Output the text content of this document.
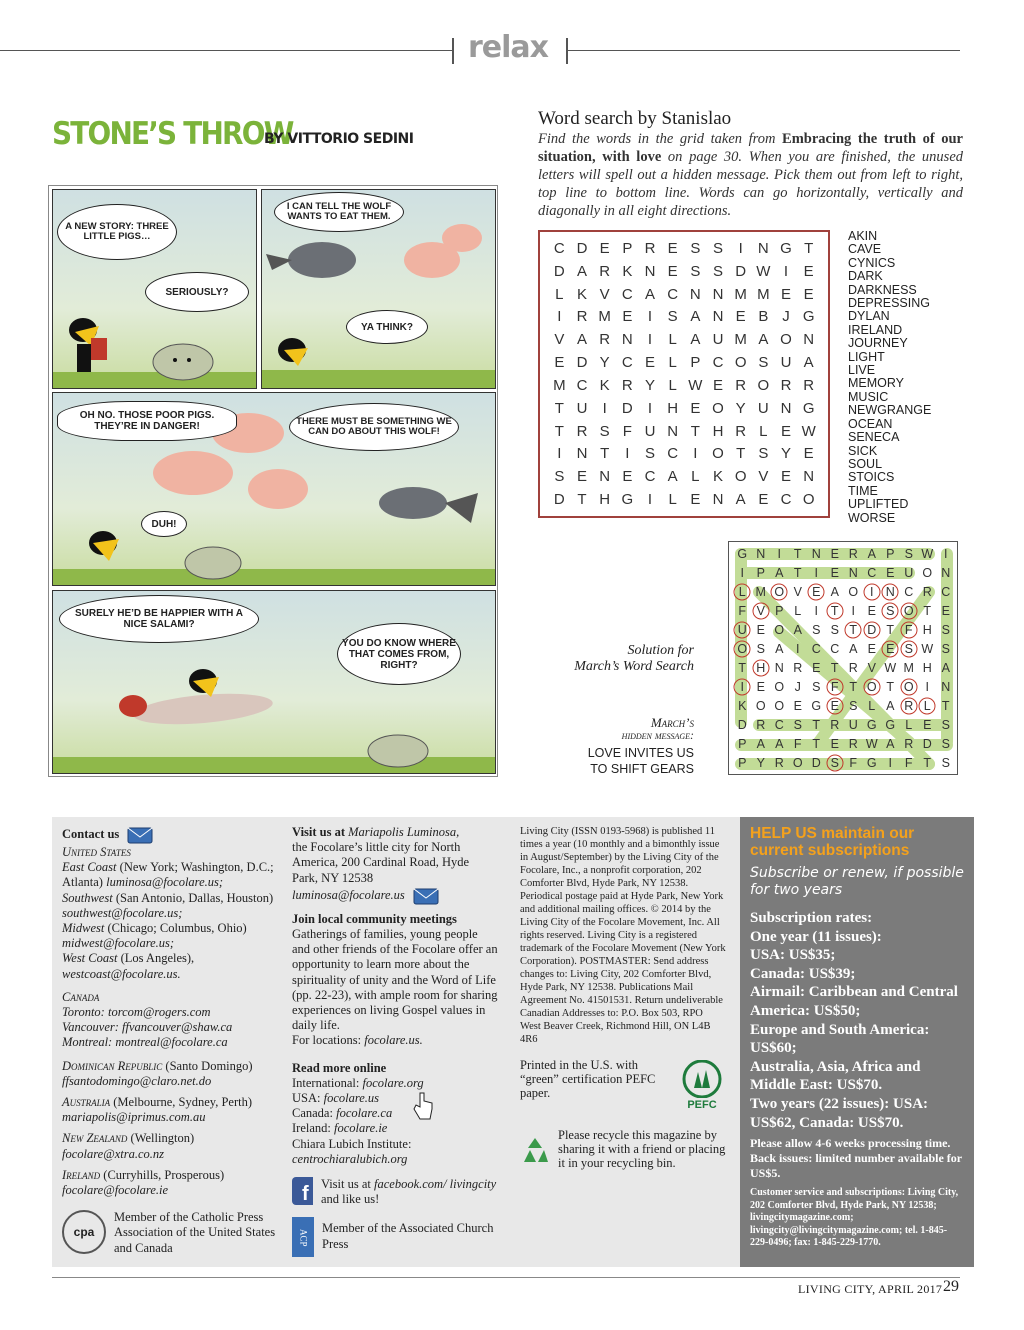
relax
STONE’S THROW
BY VITTORIO SEDINI
A NEW STORY: THREE LITTLE PIGS…
SERIOUSLY?
I CAN TELL THE WOLF WANTS TO EAT THEM.
YA THINK?
OH NO. THOSE POOR PIGS. THEY’RE IN DANGER!	THERE MUST BE SOMETHING WE CAN DO ABOUT THIS WOLF!
DUH!
SURELY HE’D BE HAPPIER WITH A NICE SALAMI?
YOU DO KNOW WHERE THAT COMES FROM, RIGHT?
Word search by Stanislao
Find the words in the grid taken from Embracing the truth of our situation, with love on page 30. When you are finished, the unused letters will spell out a hidden message. Pick them out from left to right, top line to bottom line. Words can go horizontally, vertically and diagonally in all eight directions.
C D E P R E S S	I	N G T
D A R K N E S S D W I	E
L K V C A C N N M M E E
I	R M E	I	S A N E B J G
V A R N	I	L A U M A O N
E D Y C E L P C O S U A
M C K R Y L W E R O R R
T U	I	D	I	H E O Y U N G
T R S F U N T H R L E W
I	N T	I	S C	I O T S Y E
S E N E C A L K O V E N
D T H G I	L E N A E C O
AKIN
CAVE
CYNICS
DARK
DARKNESS
DEPRESSING
DYLAN
IRELAND
JOURNEY
LIGHT
LIVE
MEMORY
MUSIC
NEWGRANGE
OCEAN
SENECA
SICK
SOUL
STOICS
TIME
UPLIFTED
WORSE
Solution for
March’s Word Search
March’s
hidden message:
LOVE INVITES US
TO SHIFT GEARS
G N I	T N E R A P S W I
I	P A T	I	E N C E U O N
L M O V E A O I N C R C
F V P L	I	T	I	E S O T E
U E O A S S T D T F H S
O S A	I C C A E E S W S
T H N R E T R V W M H A
I	E O J S F T O T O I N
K O O E G E S L A R L T
D R C S T R U G G L E S
P A A F T E R W A R D S
P Y R O D S F G I	F T S
Contact us
United States
East Coast (New York; Washington, D.C.; Atlanta) luminosa@focolare.us;
Southwest (San Antonio, Dallas, Houston) southwest@focolare.us;
Midwest (Chicago; Columbus, Ohio)
midwest@focolare.us;
West Coast (Los Angeles),
westcoast@focolare.us.
Canada
Toronto: torcom@rogers.com
Vancouver: ffvancouver@shaw.ca
Montreal: montreal@focolare.ca
Dominican Republic (Santo Domingo)
ffsantodomingo@claro.net.do
Australia (Melbourne, Sydney, Perth)
mariapolis@iprimus.com.au
New Zealand (Wellington)
focolare@xtra.co.nz
Ireland (Curryhills, Prosperous)
focolare@focolare.ie
cpa
Member of the Catholic Press Association of the United States and Canada
Visit us at Mariapolis Luminosa,
the Focolare’s little city for North America, 200 Cardinal Road, Hyde Park, NY 12538
luminosa@focolare.us
Join local community meetings
Gatherings of families, young people and other friends of the Focolare offer an opportunity to learn more about the spirituality of unity and the Word of Life (pp. 22-23), with ample room for sharing experiences on living Gospel values in daily life.
For locations: focolare.us.
Read more online
International: focolare.org
USA: focolare.us
Canada: focolare.ca
Ireland: focolare.ie
Chiara Lubich Institute:
centrochiaralubich.org
f Visit us at facebook.com/ livingcity and like us!
ACP
Member of the Associated Church Press
Living City (ISSN 0193-5968) is published 11 times a year (10 monthly and a bimonthly issue in August/September) by the Living City of the Focolare, Inc., a nonprofit corporation, 202 Comforter Blvd, Hyde Park, NY 12538. Periodical postage paid at Hyde Park, New York and additional mailing offices. © 2014 by the Living City of the Focolare Movement, Inc. All rights reserved. Living City is a registered trademark of the Focolare Movement (New York Corporation). POSTMASTER: Send address changes to: Living City, 202 Comforter Blvd, Hyde Park, NY 12538. Publications Mail Agreement No. 41501531. Return undeliverable Canadian Addresses to: P.O. Box 503, RPO West Beaver Creek, Richmond Hill, ON L4B 4R6
Printed in the U.S. with “green” certification PEFC paper.
PEFC
Please recycle this magazine by sharing it with a friend or placing it in your recycling bin.
HELP US maintain our current subscriptions
Subscribe or renew, if possible for two years
Subscription rates:
One year (11 issues):
USA: US$35;
Canada: US$39;
Airmail: Caribbean and Central America: US$50;
Europe and South America: US$60;
Australia, Asia, Africa and Middle East: US$70.
Two years (22 issues): USA: US$62, Canada: US$70.
Please allow 4-6 weeks processing time. Back issues: limited number available for US$5.
Customer service and subscriptions: Living City, 202 Comforter Blvd, Hyde Park, NY 12538; livingcitymagazine.com; livingcity@livingcitymagazine.com; tel. 1-845-229-0496; fax: 1-845-229-1770.
LIVING CITY, APRIL 2017 29
